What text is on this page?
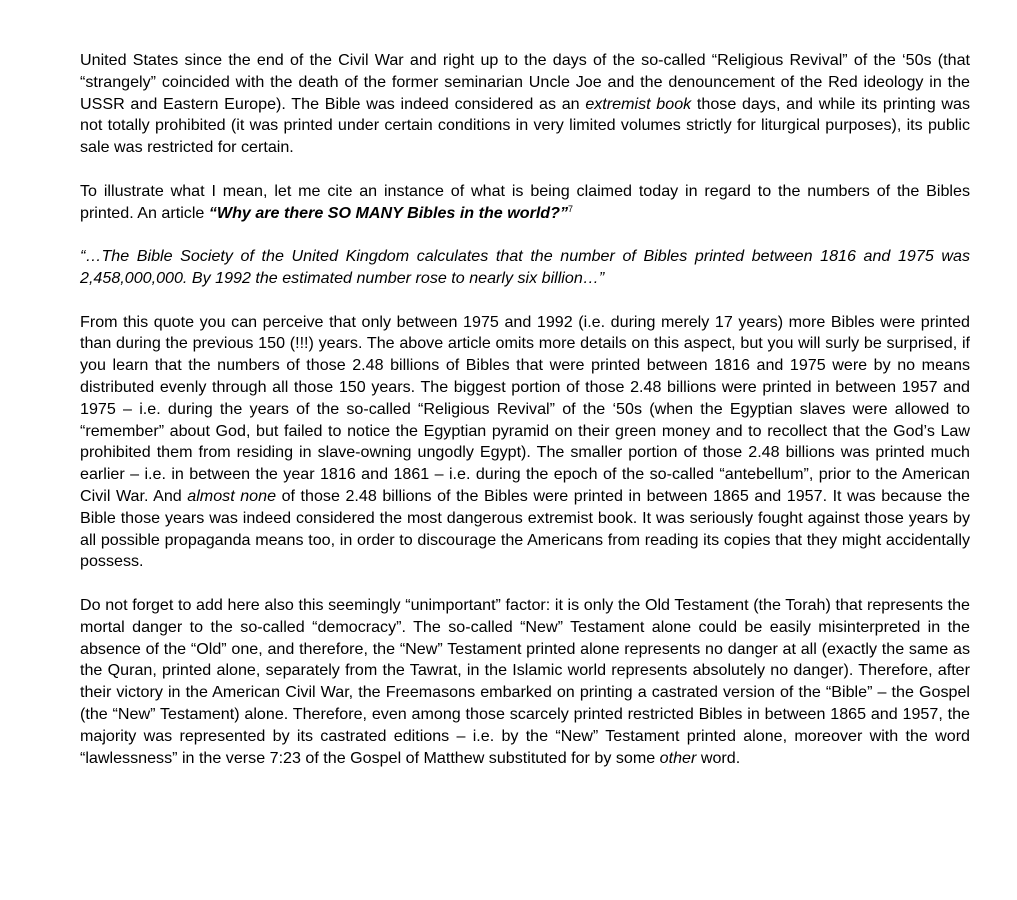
United States since the end of the Civil War and right up to the days of the so-called “Religious Revival” of the ‘50s (that “strangely” coincided with the death of the former seminarian Uncle Joe and the denouncement of the Red ideology in the USSR and Eastern Europe). The Bible was indeed considered as an extremist book those days, and while its printing was not totally prohibited (it was printed under certain conditions in very limited volumes strictly for liturgical purposes), its public sale was restricted for certain.

To illustrate what I mean, let me cite an instance of what is being claimed today in regard to the numbers of the Bibles printed. An article “Why are there SO MANY Bibles in the world?”$^7$

“…The Bible Society of the United Kingdom calculates that the number of Bibles printed between 1816 and 1975 was 2,458,000,000. By 1992 the estimated number rose to nearly six billion…”

From this quote you can perceive that only between 1975 and 1992 (i.e. during merely 17 years) more Bibles were printed than during the previous 150 (!!!) years. The above article omits more details on this aspect, but you will surly be surprised, if you learn that the numbers of those 2.48 billions of Bibles that were printed between 1816 and 1975 were by no means distributed evenly through all those 150 years. The biggest portion of those 2.48 billions were printed in between 1957 and 1975 – i.e. during the years of the so-called “Religious Revival” of the ‘50s (when the Egyptian slaves were allowed to “remember” about God, but failed to notice the Egyptian pyramid on their green money and to recollect that the God’s Law prohibited them from residing in slave-owning ungodly Egypt). The smaller portion of those 2.48 billions was printed much earlier – i.e. in between the year 1816 and 1861 – i.e. during the epoch of the so-called “antebellum”, prior to the American Civil War. And almost none of those 2.48 billions of the Bibles were printed in between 1865 and 1957. It was because the Bible those years was indeed considered the most dangerous extremist book. It was seriously fought against those years by all possible propaganda means too, in order to discourage the Americans from reading its copies that they might accidentally possess.

Do not forget to add here also this seemingly “unimportant” factor: it is only the Old Testament (the Torah) that represents the mortal danger to the so-called “democracy”. The so-called “New” Testament alone could be easily misinterpreted in the absence of the “Old” one, and therefore, the “New” Testament printed alone represents no danger at all (exactly the same as the Quran, printed alone, separately from the Tawrat, in the Islamic world represents absolutely no danger). Therefore, after their victory in the American Civil War, the Freemasons embarked on printing a castrated version of the “Bible” – the Gospel (the “New” Testament) alone. Therefore, even among those scarcely printed restricted Bibles in between 1865 and 1957, the majority was represented by its castrated editions – i.e. by the “New” Testament printed alone, moreover with the word “lawlessness” in the verse 7:23 of the Gospel of Matthew substituted for by some other word.
